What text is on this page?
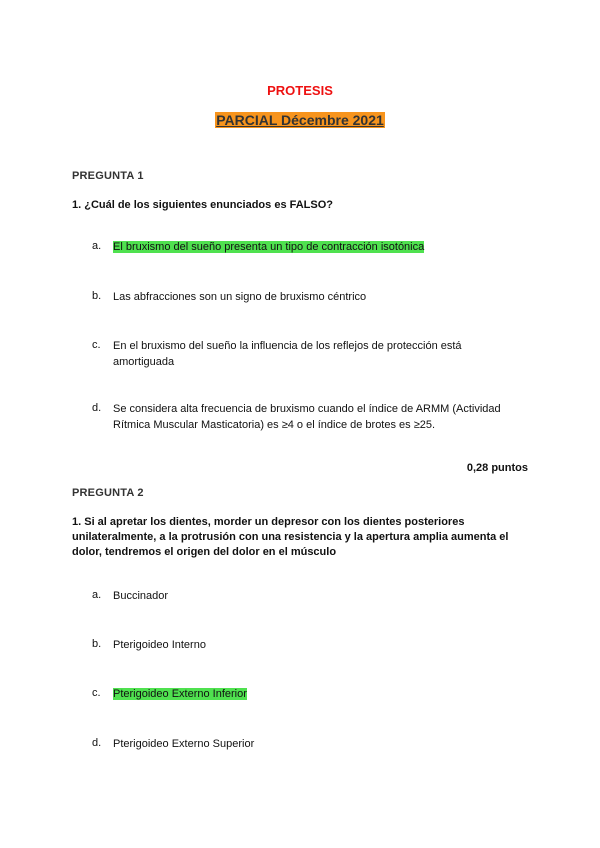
PROTESIS
PARCIAL Décembre 2021
PREGUNTA 1
1. ¿Cuál de los siguientes enunciados es FALSO?
a. El bruxismo del sueño presenta un tipo de contracción isotónica
b. Las abfracciones son un signo de bruxismo céntrico
c. En el bruxismo del sueño la influencia de los reflejos de protección está amortiguada
d. Se considera alta frecuencia de bruxismo cuando el índice de ARMM (Actividad Rítmica Muscular Masticatoria) es ≥4 o el índice de brotes es ≥25.
0,28 puntos
PREGUNTA 2
1. Si al apretar los dientes, morder un depresor con los dientes posteriores unilateralmente, a la protrusión con una resistencia y la apertura amplia aumenta el dolor, tendremos el origen del dolor en el músculo
a. Buccinador
b. Pterigoideo Interno
c. Pterigoideo Externo Inferior
d. Pterigoideo Externo Superior
